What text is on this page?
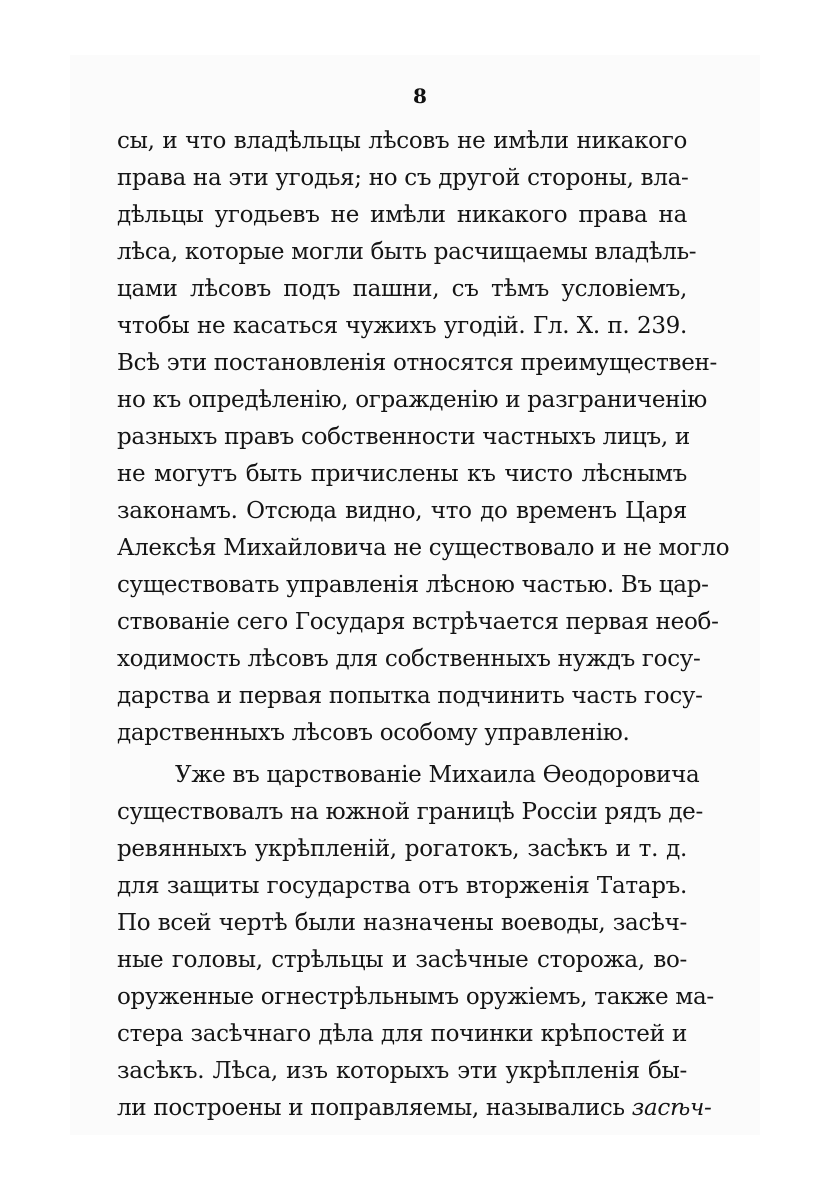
8
сы, и что владѣльцы лѣсовъ не имѣли никакого
права на эти угодья; но съ другой стороны, вла-
дѣльцы угодьевъ не имѣли никакого права на
лѣса, которые могли быть расчищаемы владѣль-
цами лѣсовъ подъ пашни, съ тѣмъ условіемъ,
чтобы не касаться чужихъ угодій. Гл. X. п. 239.
Всѣ эти постановленія относятся преимуществен-
но къ опредѣленію, огражденію и разграниченію
разныхъ правъ собственности частныхъ лицъ, и
не могутъ быть причислены къ чисто лѣснымъ
законамъ. Отсюда видно, что до временъ Царя
Алексѣя Михайловича не существовало и не могло
существовать управленія лѣсною частью. Въ цар-
ствованіе сего Государя встрѣчается первая необ-
ходимость лѣсовъ для собственныхъ нуждъ госу-
дарства и первая попытка подчинить часть госу-
дарственныхъ лѣсовъ особому управленію.
Уже въ царствованіе Михаила Ѳеодоровича
существовалъ на южной границѣ Россіи рядъ де-
ревянныхъ укрѣпленій, рогатокъ, засѣкъ и т. д.
для защиты государства отъ вторженія Татаръ.
По всей чертѣ были назначены воеводы, засѣч-
ные головы, стрѣльцы и засѣчные сторожа, во-
оруженные огнестрѣльнымъ оружіемъ, также ма-
стера засѣчнаго дѣла для починки крѣпостей и
засѣкъ. Лѣса, изъ которыхъ эти укрѣпленія бы-
ли построены и поправляемы, назывались засѣч-
